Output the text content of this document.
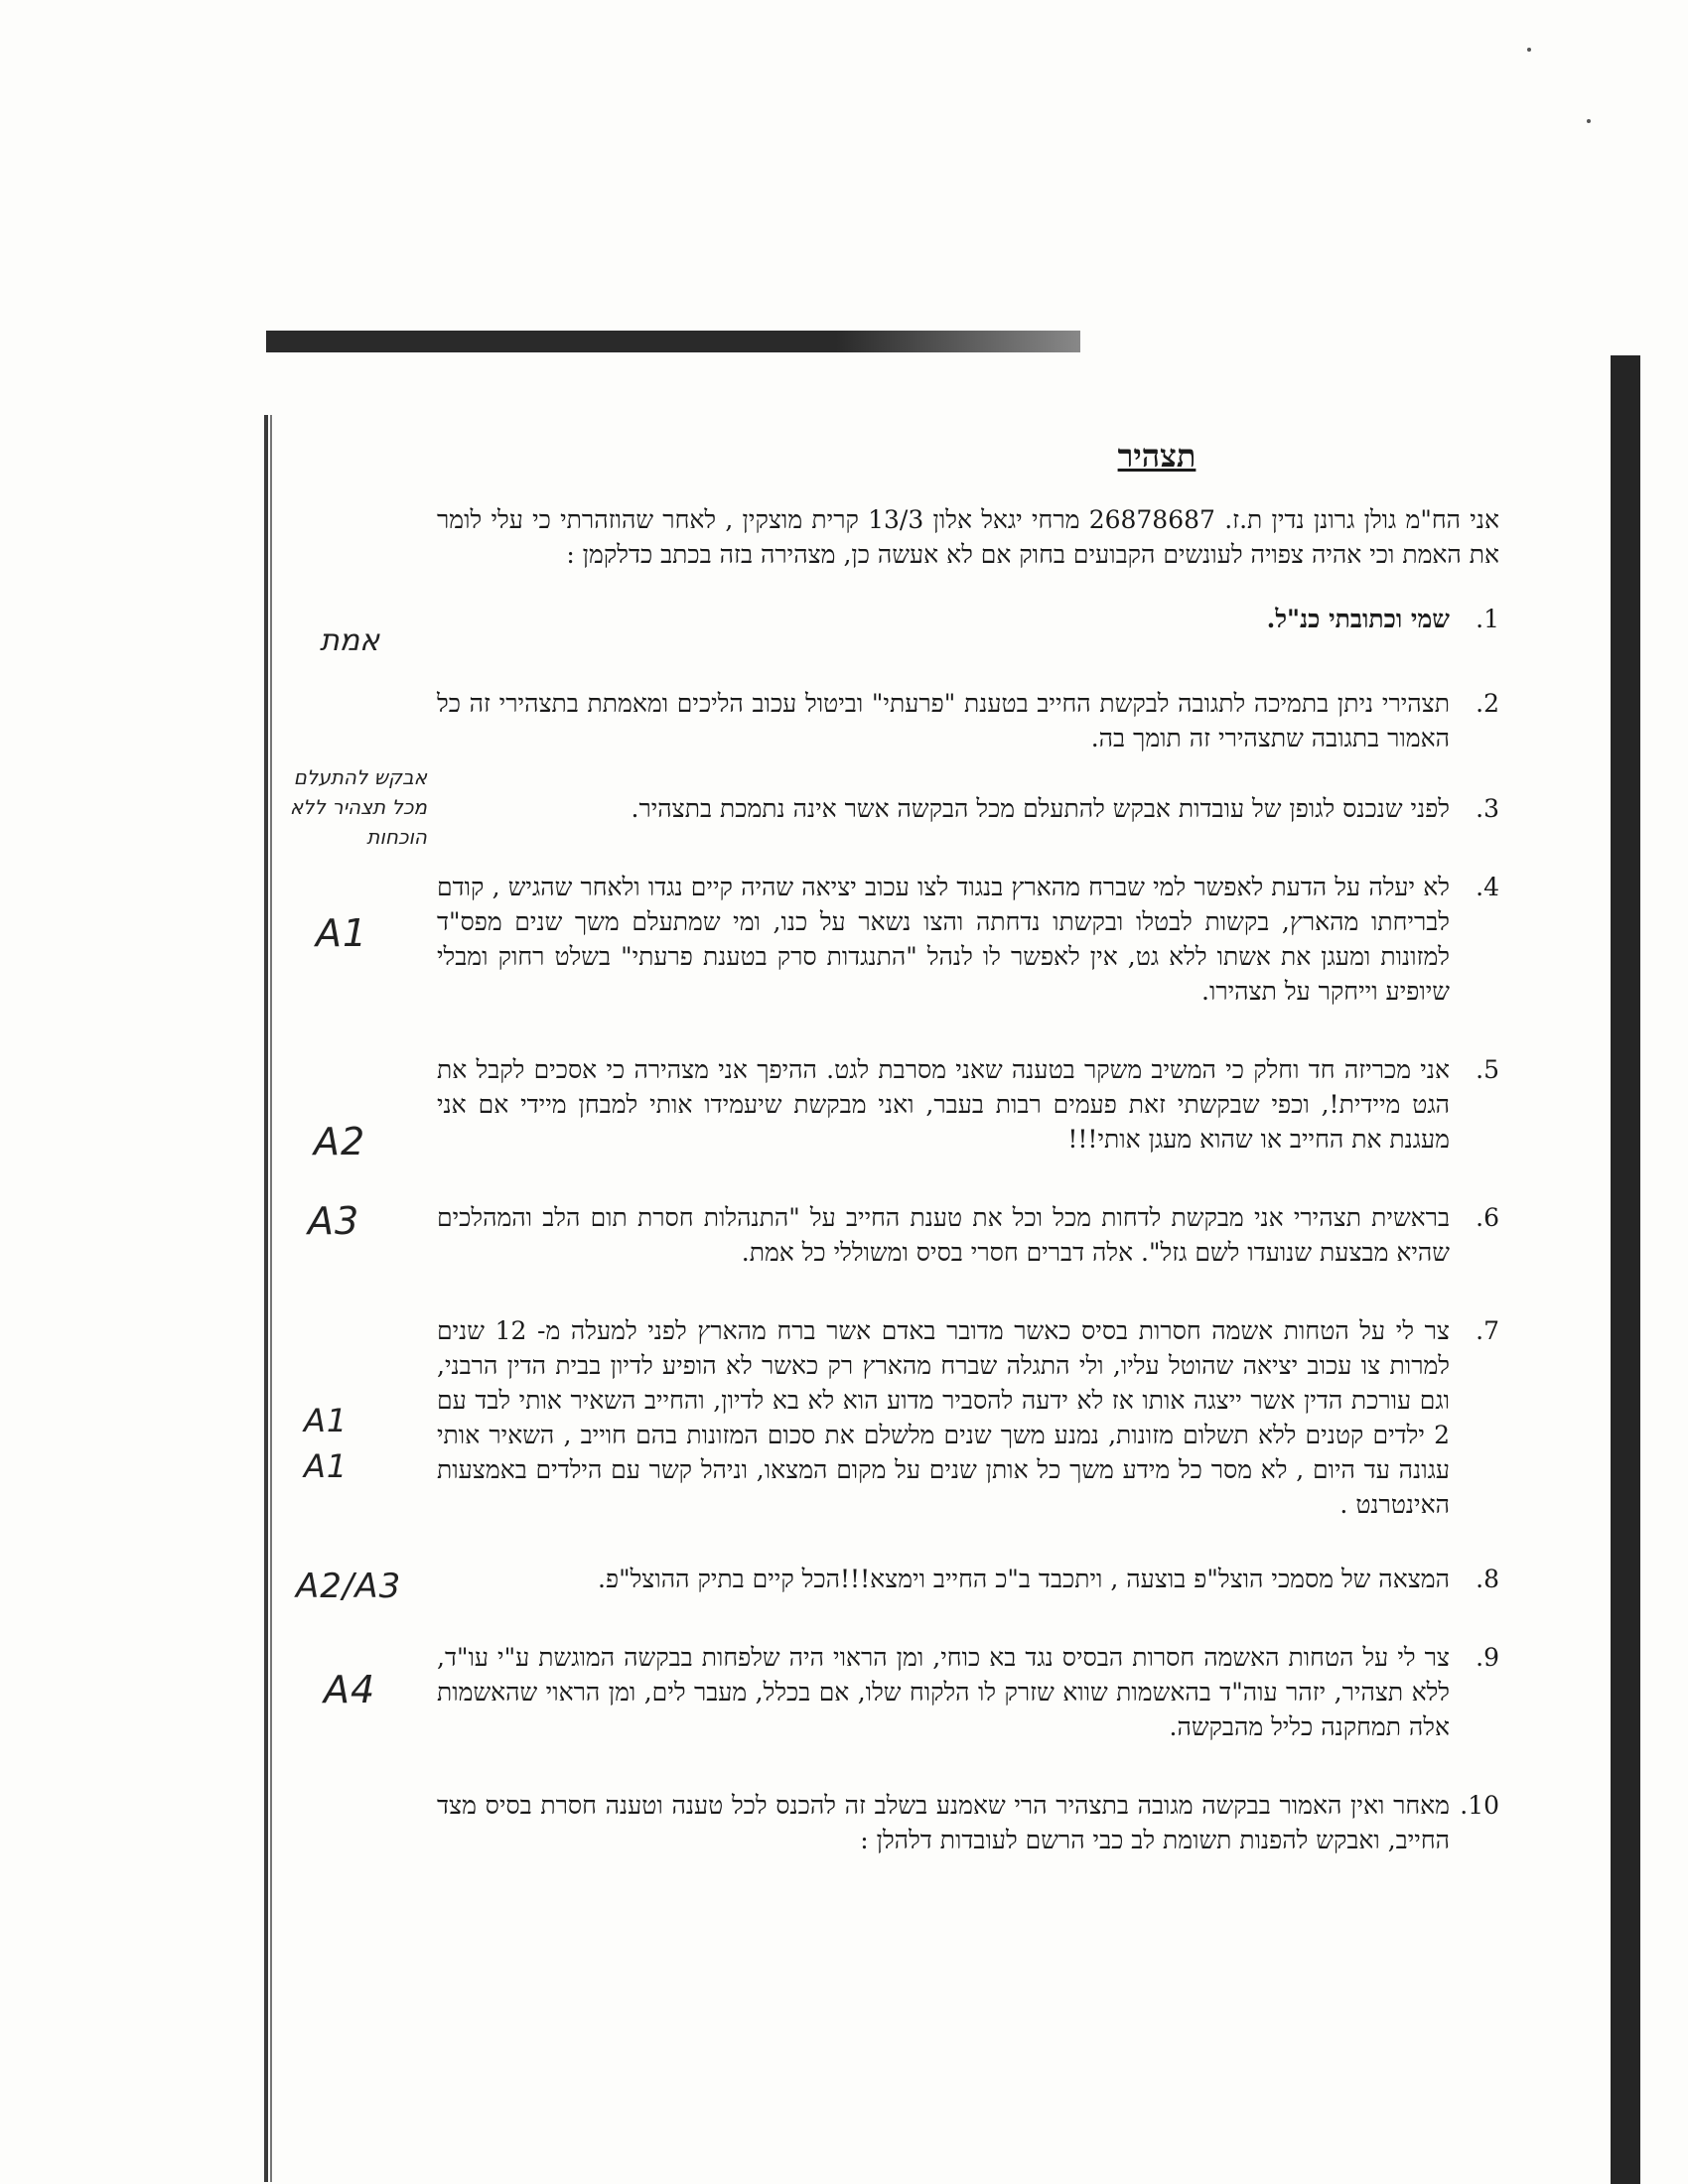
תצהיר
אני הח"מ גולן גרונן נדין ת.ז. 26878687 מרחי יגאל אלון 13/3 קרית מוצקין , לאחר שהוזהרתי כי עלי לומר את האמת וכי אהיה צפויה לעונשים הקבועים בחוק אם לא אעשה כן, מצהירה בזה בכתב כדלקמן :
1.
שמי וכתובתי כנ"ל.
2.
תצהירי ניתן בתמיכה לתגובה לבקשת החייב בטענת "פרעתי" וביטול עכוב הליכים ומאמתת בתצהירי זה כל האמור בתגובה שתצהירי זה תומך בה.
3.
לפני שנכנס לגופן של עובדות אבקש להתעלם מכל הבקשה אשר אינה נתמכת בתצהיר.
4.
לא יעלה על הדעת לאפשר למי שברח מהארץ בנגוד לצו עכוב יציאה שהיה קיים נגדו ולאחר שהגיש , קודם לבריחתו מהארץ, בקשות לבטלו ובקשתו נדחתה והצו נשאר על כנו, ומי שמתעלם משך שנים מפס"ד למזונות ומעגן את אשתו ללא גט, אין לאפשר לו לנהל "התנגדות סרק בטענת פרעתי" בשלט רחוק ומבלי שיופיע וייחקר על תצהירו.
5.
אני מכריזה חד וחלק כי המשיב משקר בטענה שאני מסרבת לגט. ההיפך אני מצהירה כי אסכים לקבל את הגט מיידית!, וכפי שבקשתי זאת פעמים רבות בעבר, ואני מבקשת שיעמידו אותי למבחן מיידי אם אני מעגנת את החייב או שהוא מעגן אותי!!!
6.
בראשית תצהירי אני מבקשת לדחות מכל וכל את טענת החייב על "התנהלות חסרת תום הלב והמהלכים שהיא מבצעת שנועדו לשם גזל". אלה דברים חסרי בסיס ומשוללי כל אמת.
7.
צר לי על הטחות אשמה חסרות בסיס כאשר מדובר באדם אשר ברח מהארץ לפני למעלה מ- 12 שנים למרות צו עכוב יציאה שהוטל עליו, ולי התגלה שברח מהארץ רק כאשר לא הופיע לדיון בבית הדין הרבני, וגם עורכת הדין אשר ייצגה אותו אז לא ידעה להסביר מדוע הוא לא בא לדיון, והחייב השאיר אותי לבד עם 2 ילדים קטנים ללא תשלום מזונות, נמנע משך שנים מלשלם את סכום המזונות בהם חוייב , השאיר אותי עגונה עד היום , לא מסר כל מידע משך כל אותן שנים על מקום המצאו, וניהל קשר עם הילדים באמצעות האינטרנט .
8.
המצאה של מסמכי הוצל"פ בוצעה , ויתכבד ב"כ החייב וימצא!!!הכל קיים בתיק ההוצל"פ.
9.
צר לי על הטחות האשמה חסרות הבסיס נגד בא כוחי, ומן הראוי היה שלפחות בבקשה המוגשת ע"י עו"ד, ללא תצהיר, יזהר עוה"ד בהאשמות שווא שזרק לו הלקוח שלו, אם בכלל, מעבר לים, ומן הראוי שהאשמות אלה תמחקנה כליל מהבקשה.
10.
מאחר ואין האמור בבקשה מגובה בתצהיר הרי שאמנע בשלב זה להכנס לכל טענה וטענה חסרת בסיס מצד החייב, ואבקש להפנות תשומת לב כבי הרשם לעובדות דלהלן :
אמת
אבקש להתעלם מכל תצהיר ללא הוכחות
A1
A2
A3
A1
A1
A2/A3
A4
